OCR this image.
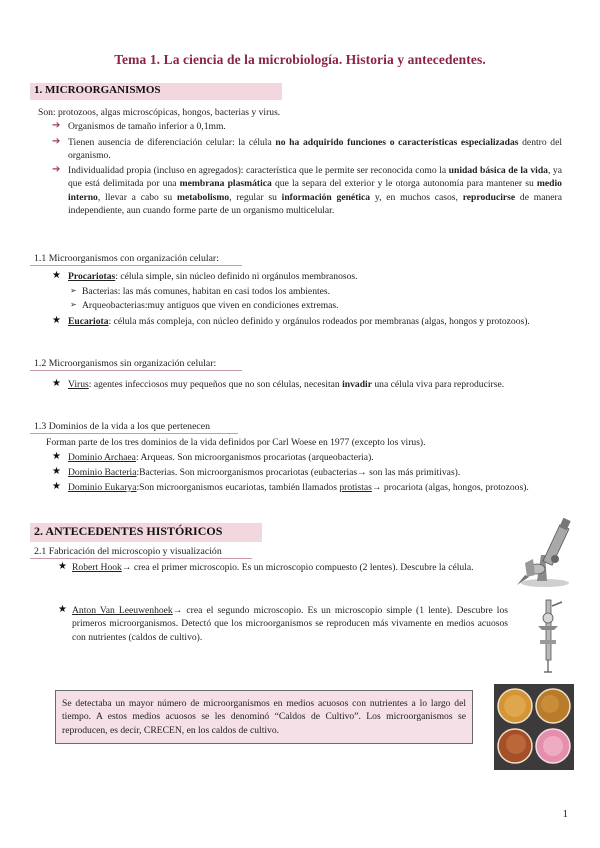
Tema 1. La ciencia de la microbiología. Historia y antecedentes.
1. MICROORGANISMOS
Son: protozoos, algas microscópicas, hongos, bacterias y virus.
➔ Organismos de tamaño inferior a 0,1mm.
➔ Tienen ausencia de diferenciación celular: la célula no ha adquirido funciones o características especializadas dentro del organismo.
➔ Individualidad propia (incluso en agregados): característica que le permite ser reconocida como la unidad básica de la vida, ya que está delimitada por una membrana plasmática que la separa del exterior y le otorga autonomía para mantener su medio interno, llevar a cabo su metabolismo, regular su información genética y, en muchos casos, reproducirse de manera independiente, aun cuando forme parte de un organismo multicelular.
1.1 Microorganismos con organización celular:
★ Procariotas: célula simple, sin núcleo definido ni orgánulos membranosos.
➢ Bacterias: las más comunes, habitan en casi todos los ambientes.
➢ Arqueobacterias:muy antiguos que viven en condiciones extremas.
★ Eucariota: célula más compleja, con núcleo definido y orgánulos rodeados por membranas (algas, hongos y protozoos).
1.2 Microorganismos sin organización celular:
★ Virus: agentes infecciosos muy pequeños que no son células, necesitan invadir una célula viva para reproducirse.
1.3 Dominios de la vida a los que pertenecen
Forman parte de los tres dominios de la vida definidos por Carl Woese en 1977 (excepto los virus).
★ Dominio Archaea: Arqueas. Son microorganismos procariotas (arqueobacteria).
★ Dominio Bacteria:Bacterias. Son microorganismos procariotas (eubacterias→ son las más primitivas).
★ Dominio Eukarya:Son microorganismos eucariotas, también llamados protistas→ procariota (algas, hongos, protozoos).
2. ANTECEDENTES HISTÓRICOS
2.1 Fabricación del microscopio y visualización
★ Robert Hook→ crea el primer microscopio. Es un microscopio compuesto (2 lentes). Descubre la célula.
★ Anton Van Leeuwenhoek→ crea el segundo microscopio. Es un microscopio simple (1 lente). Descubre los primeros microorganismos. Detectó que los microorganismos se reproducen más vivamente en medios acuosos con nutrientes (caldos de cultivo).
Se detectaba un mayor número de microorganismos en medios acuosos con nutrientes a lo largo del tiempo. A estos medios acuosos se les denominó “Caldos de Cultivo”. Los microorganismos se reproducen, es decir, CRECEN, en los caldos de cultivo.
1
